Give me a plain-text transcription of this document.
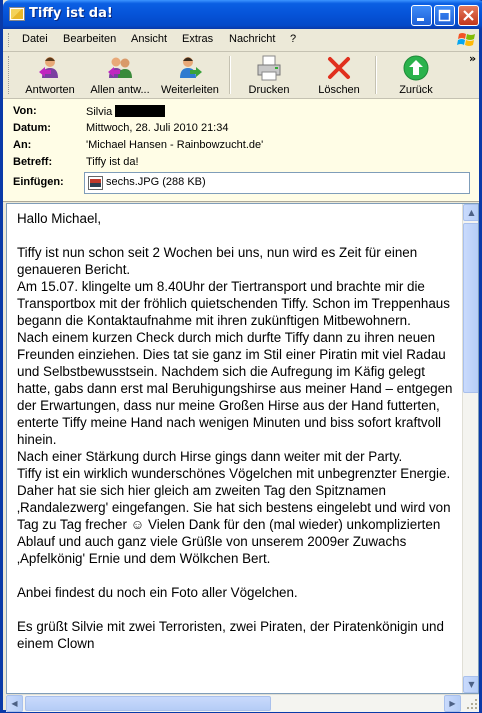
Tiffy ist da!
Datei Bearbeiten Ansicht Extras Nachricht ?
Antworten	Allen antw...	Weiterleiten	Drucken	Löschen	Zurück
»
Von:	Silvia
Datum:	Mittwoch, 28. Juli 2010 21:34
An:	'Michael Hansen - Rainbowzucht.de'
Betreff:	Tiffy ist da!
Einfügen:	sechs.JPG (288 KB)

Hallo Michael,

Tiffy ist nun schon seit 2 Wochen bei uns, nun wird es Zeit für einen genaueren Bericht.

Am 15.07. klingelte um 8.40Uhr der Tiertransport und brachte mir die Transportbox mit der fröhlich quietschenden Tiffy. Schon im Treppenhaus begann die Kontaktaufnahme mit ihren zukünftigen Mitbewohnern.

Nach einem kurzen Check durch mich durfte Tiffy dann zu ihren neuen Freunden einziehen. Dies tat sie ganz im Stil einer Piratin mit viel Radau und Selbstbewusstsein. Nachdem sich die Aufregung im Käfig gelegt hatte, gabs dann erst mal Beruhigungshirse aus meiner Hand – entgegen der Erwartungen, dass nur meine Großen Hirse aus der Hand futterten, enterte Tiffy meine Hand nach wenigen Minuten und biss sofort kraftvoll hinein.

Nach einer Stärkung durch Hirse gings dann weiter mit der Party.

Tiffy ist ein wirklich wunderschönes Vögelchen mit unbegrenzter Energie. Daher hat sie sich hier gleich am zweiten Tag den Spitznamen ‚Randalezwerg' eingefangen. Sie hat sich bestens eingelebt und wird von Tag zu Tag frecher ☺ Vielen Dank für den (mal wieder) unkomplizierten Ablauf und auch ganz viele Grüßle von unserem 2009er Zuwachs ‚Apfelkönig' Ernie und dem Wölkchen Bert.

Anbei findest du noch ein Foto aller Vögelchen.

Es grüßt Silvie mit zwei Terroristen, zwei Piraten, der Piratenkönigin und einem Clown

▲
▼
◀	▶
